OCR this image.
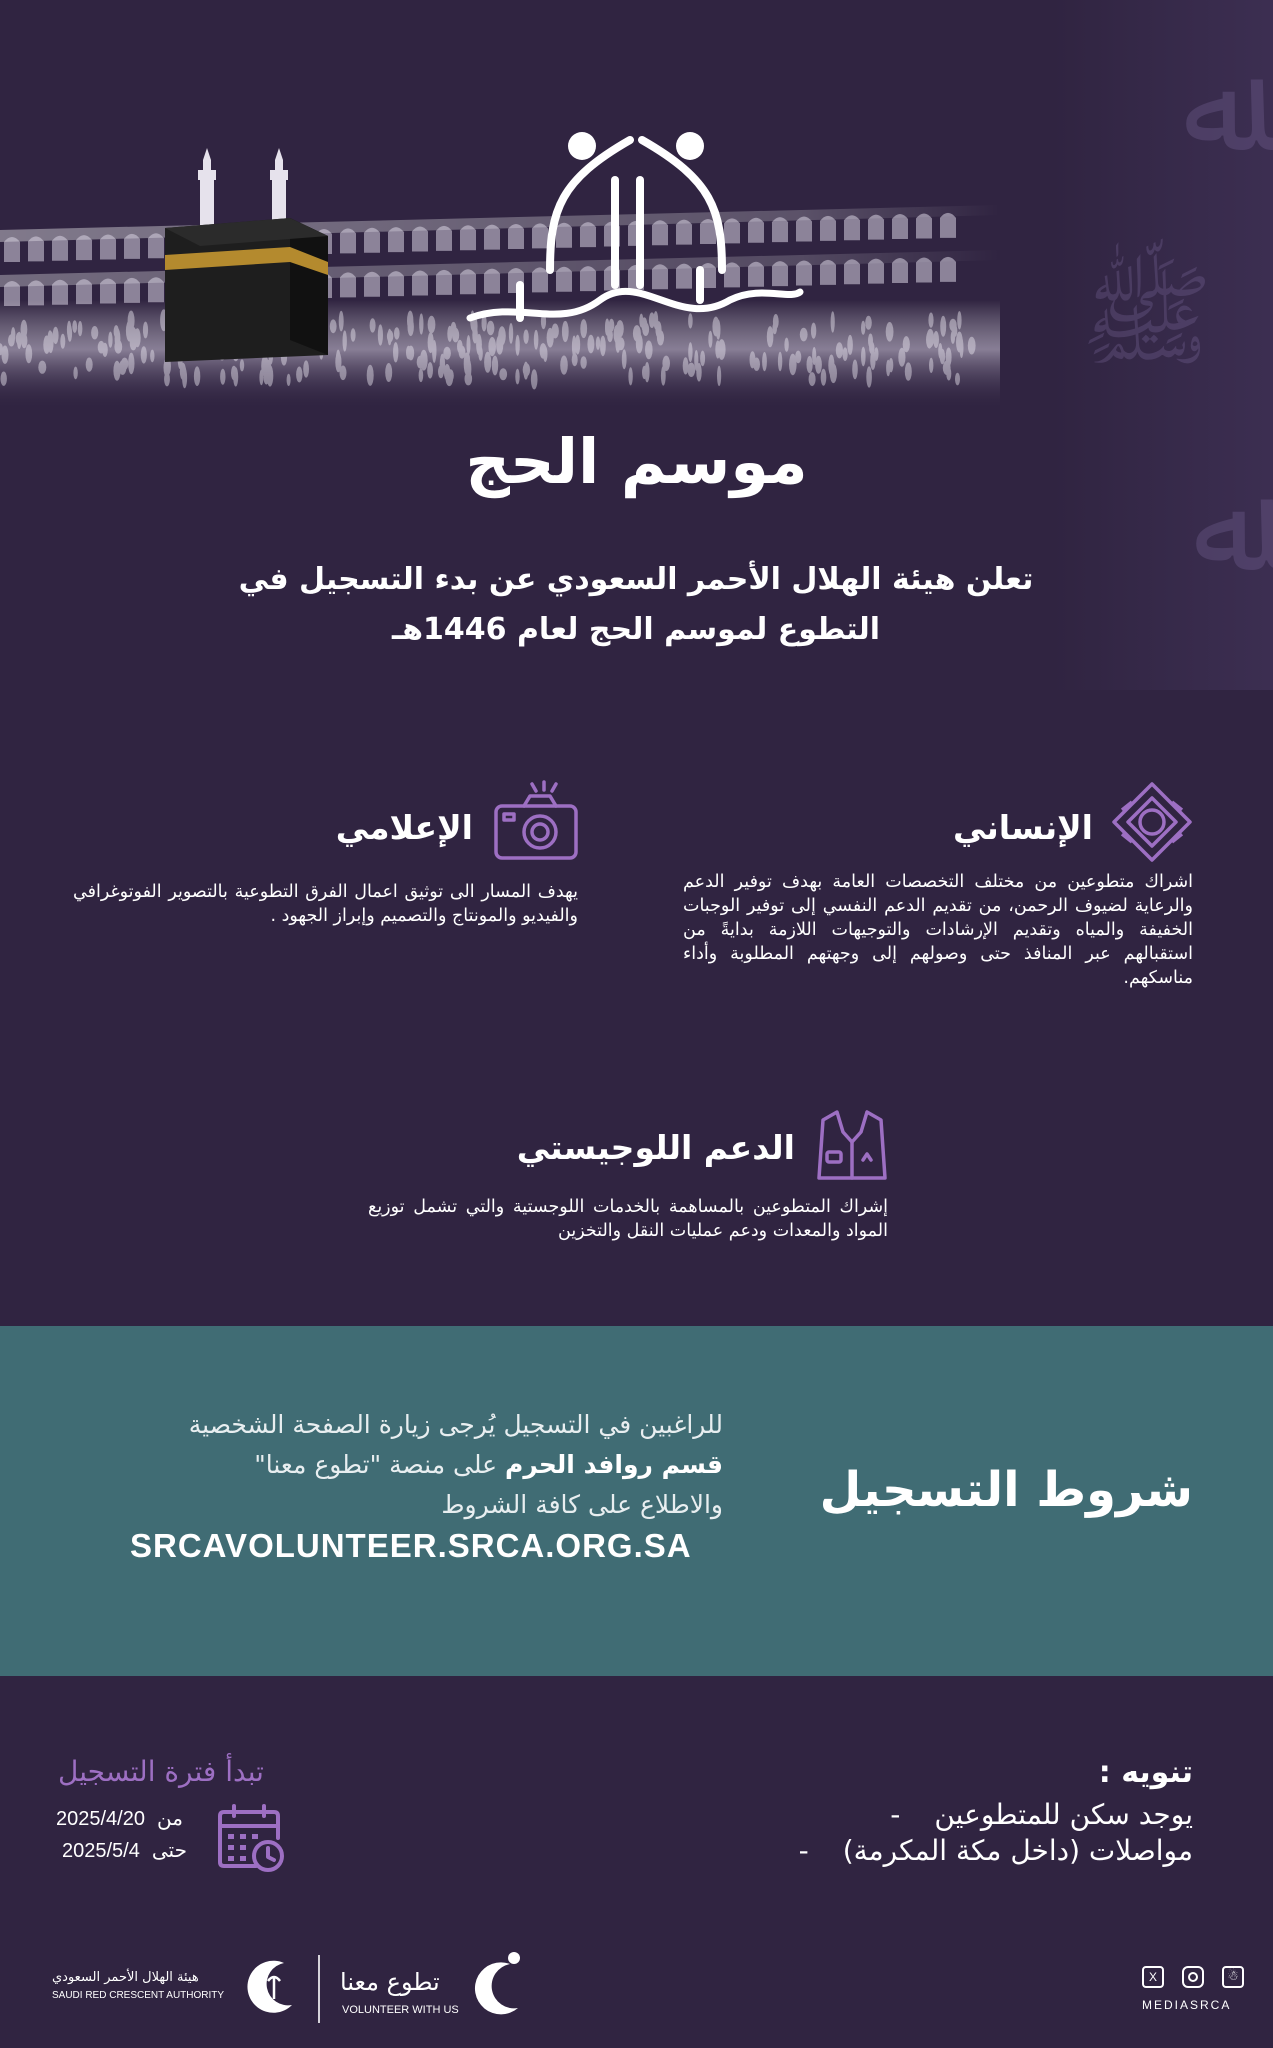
ﷲ
ﷺ
ﷲ
موسم الحج
تعلن هيئة الهلال الأحمر السعودي عن بدء التسجيل في
التطوع لموسم الحج لعام 1446هـ
الإنساني
اشراك متطوعين من مختلف التخصصات العامة بهدف توفير الدعم والرعاية لضيوف الرحمن، من تقديم الدعم النفسي إلى توفير الوجبات الخفيفة والمياه وتقديم الإرشادات والتوجيهات اللازمة بدايةً من استقبالهم عبر المنافذ حتى وصولهم إلى وجهتهم المطلوبة وأداء مناسكهم.
الإعلامي
يهدف المسار الى توثيق اعمال الفرق التطوعية بالتصوير الفوتوغرافي والفيديو والمونتاج والتصميم وإبراز الجهود .
الدعم اللوجيستي
إشراك المتطوعين بالمساهمة بالخدمات اللوجستية والتي تشمل توزيع المواد والمعدات ودعم عمليات النقل والتخزين
شروط التسجيل
للراغبين في التسجيل يُرجى زيارة الصفحة الشخصية
قسم روافد الحرم على منصة "تطوع معنا"
والاطلاع على كافة الشروط
SRCAVOLUNTEER.SRCA.ORG.SA
تنويه :
يوجد سكن للمتطوعين-
مواصلات (داخل مكة المكرمة)-
تبدأ فترة التسجيل
من2025/4/20
حتى2025/5/4
هيئة الهلال الأحمر السعودي
SAUDI RED CRESCENT AUTHORITY	تطوع معنا
VOLUNTEER WITH US
X	☃
MEDIASRCA
